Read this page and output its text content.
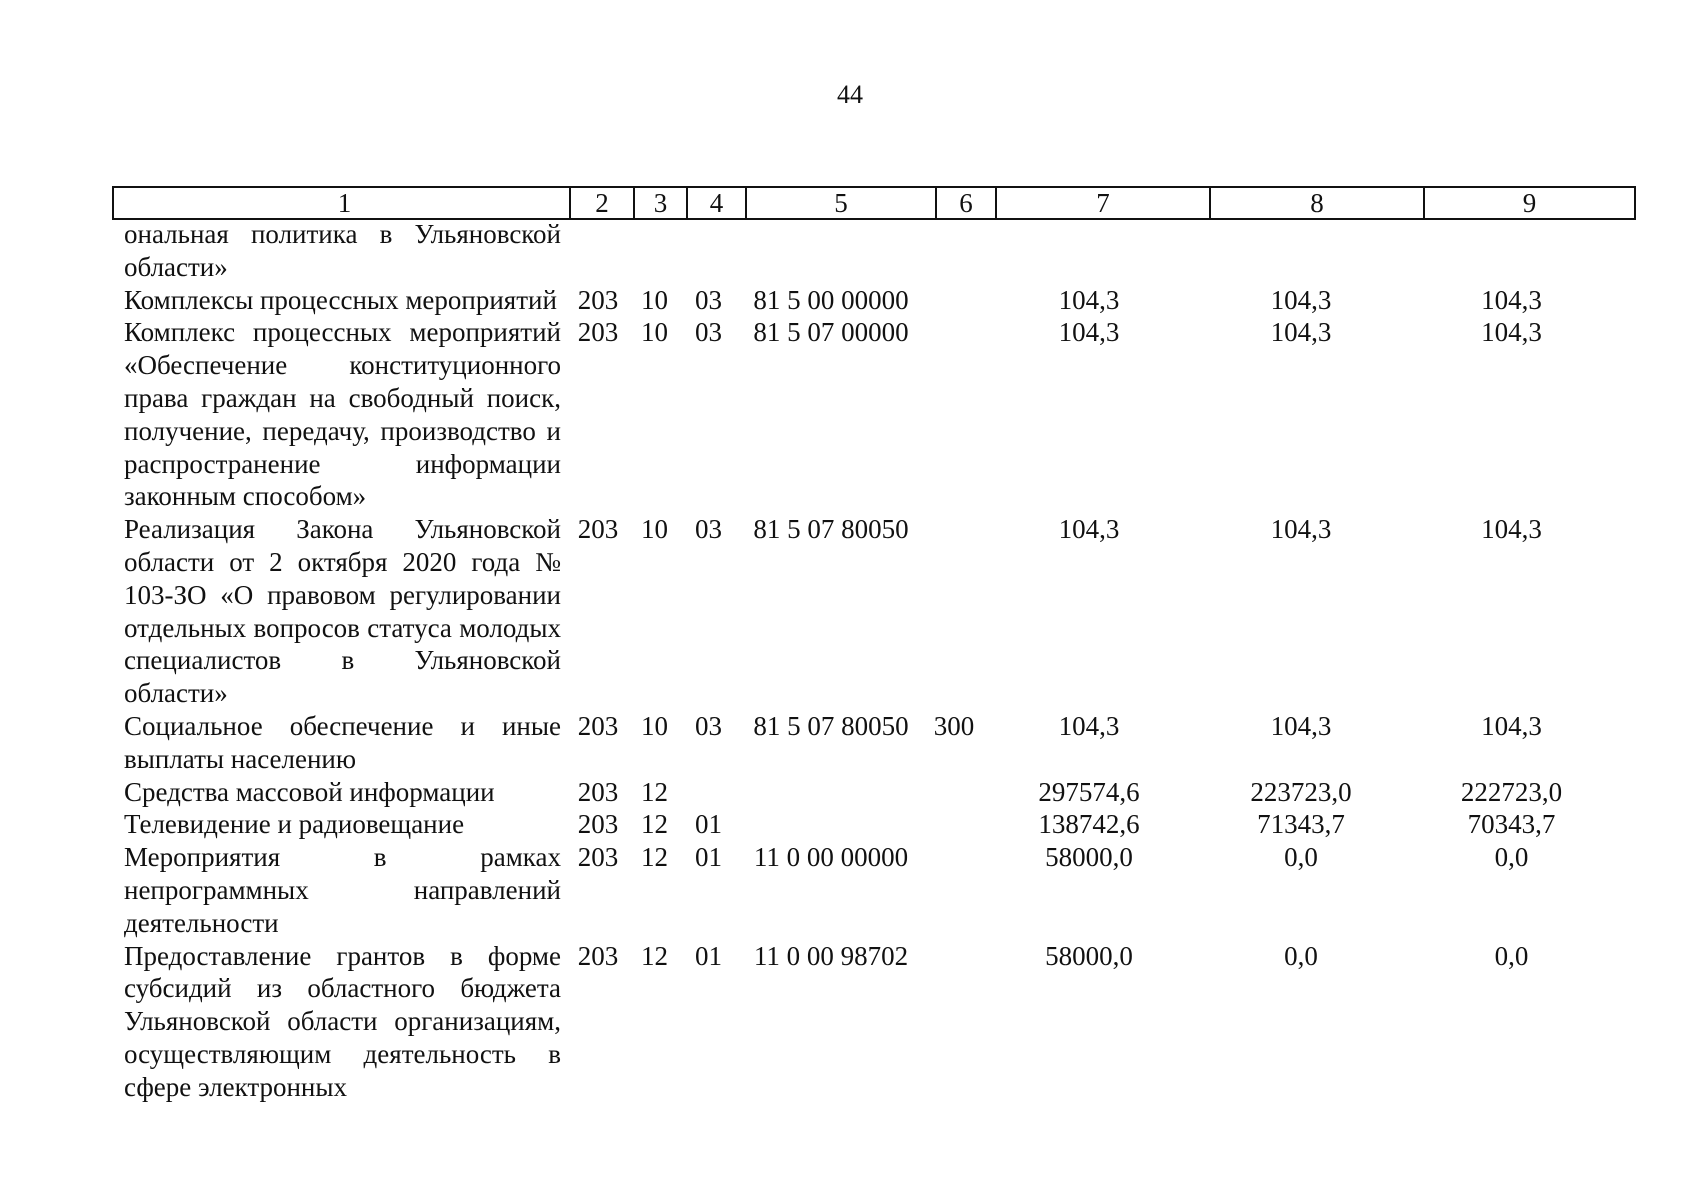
44
1	2	3	4	5	6	7	8	9
ональная политика в Ульяновской области»								
Комплексы процессных мероприятий	203	10	03	81 5 00 00000		104,3	104,3	104,3
Комплекс процессных мероприятий «Обеспечение конституционного права граждан на свободный поиск, получение, передачу, производство и распространение информации законным способом»	203	10	03	81 5 07 00000		104,3	104,3	104,3
Реализация Закона Ульяновской области от 2 октября 2020 года № 103-ЗО «О правовом регулировании отдельных вопросов статуса молодых специалистов в Ульяновской области»	203	10	03	81 5 07 80050		104,3	104,3	104,3
Социальное обеспечение и иные выплаты населению	203	10	03	81 5 07 80050	300	104,3	104,3	104,3
Средства массовой информации	203	12				297574,6	223723,0	222723,0
Телевидение и радиовещание	203	12	01			138742,6	71343,7	70343,7
Мероприятия в рамках непрограммных направлений деятельности	203	12	01	11 0 00 00000		58000,0	0,0	0,0
Предоставление грантов в форме субсидий из областного бюджета Ульяновской области организациям, осуществляющим деятельность в сфере электронных	203	12	01	11 0 00 98702		58000,0	0,0	0,0
